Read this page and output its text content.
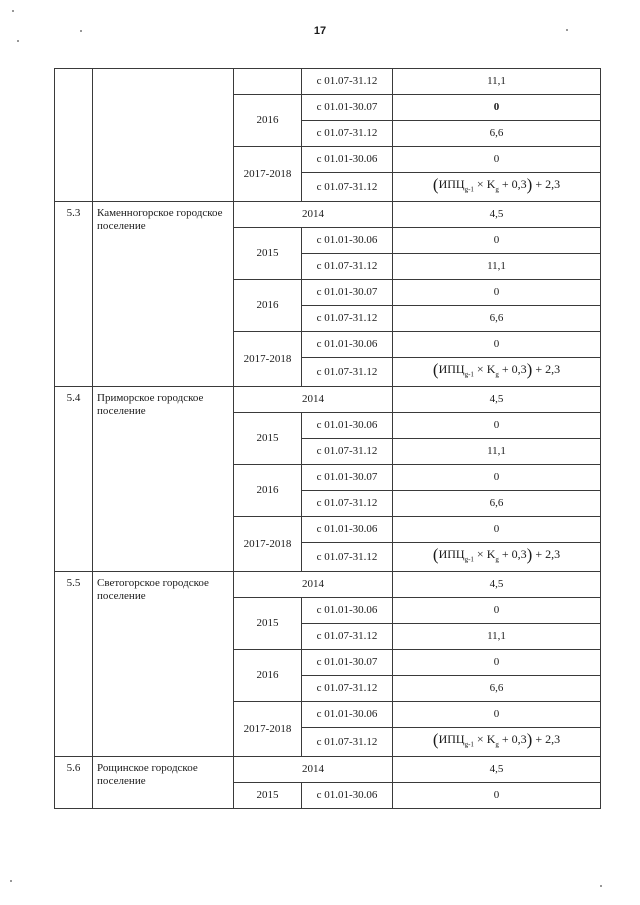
17
			с 01.07-31.12	11,1
		2016	с 01.01-30.07	0
			с 01.07-31.12	6,6
		2017-2018	с 01.01-30.06	0
			с 01.07-31.12	$(ИПЦ_{g-1} \times K_g + 0,3) + 2,3$
5.3	Каменногорское городское поселение	2014		4,5
		2015	с 01.01-30.06	0
			с 01.07-31.12	11,1
		2016	с 01.01-30.07	0
			с 01.07-31.12	6,6
		2017-2018	с 01.01-30.06	0
			с 01.07-31.12	$(ИПЦ_{g-1} \times K_g + 0,3) + 2,3$
5.4	Приморское городское поселение	2014		4,5
		2015	с 01.01-30.06	0
			с 01.07-31.12	11,1
		2016	с 01.01-30.07	0
			с 01.07-31.12	6,6
		2017-2018	с 01.01-30.06	0
			с 01.07-31.12	$(ИПЦ_{g-1} \times K_g + 0,3) + 2,3$
5.5	Светогорское городское поселение	2014		4,5
		2015	с 01.01-30.06	0
			с 01.07-31.12	11,1
		2016	с 01.01-30.07	0
			с 01.07-31.12	6,6
		2017-2018	с 01.01-30.06	0
			с 01.07-31.12	$(ИПЦ_{g-1} \times K_g + 0,3) + 2,3$
5.6	Рощинское городское поселение	2014		4,5
		2015	с 01.01-30.06	0
